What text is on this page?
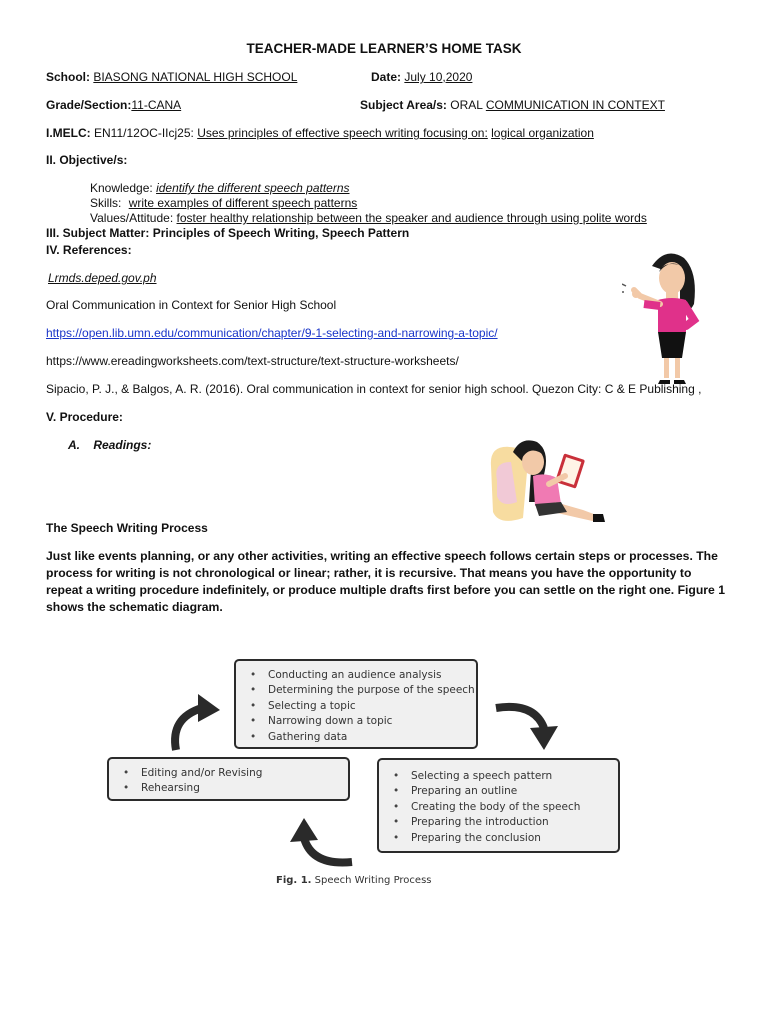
TEACHER-MADE LEARNER’S HOME TASK
School: BIASONG NATIONAL HIGH SCHOOL	Date: July 10,2020
Grade/Section:11-CANA	Subject Area/s: ORAL COMMUNICATION IN CONTEXT
I.MELC: EN11/12OC-IIcj25: Uses principles of effective speech writing focusing on: logical organization
II. Objective/s:
Knowledge: identify the different speech patterns
Skills: write examples of different speech patterns
Values/Attitude: foster healthy relationship between the speaker and audience through using polite words
III. Subject Matter: Principles of Speech Writing, Speech Pattern
IV. References:
Lrmds.deped.gov.ph
Oral Communication in Context for Senior High School
https://open.lib.umn.edu/communication/chapter/9-1-selecting-and-narrowing-a-topic/
https://www.ereadingworksheets.com/text-structure/text-structure-worksheets/
Sipacio, P. J., & Balgos, A. R. (2016). Oral communication in context for senior high school. Quezon City: C & E Publishing ,
V. Procedure:
A. Readings:
The Speech Writing Process
Just like events planning, or any other activities, writing an effective speech follows certain steps or processes. The process for writing is not chronological or linear; rather, it is recursive. That means you have the opportunity to repeat a writing procedure indefinitely, or produce multiple drafts first before you can settle on the right one. Figure 1 shows the schematic diagram.
• Conducting an audience analysis
• Determining the purpose of the speech
• Selecting a topic
• Narrowing down a topic
• Gathering data
• Editing and/or Revising
• Rehearsing
• Selecting a speech pattern
• Preparing an outline
• Creating the body of the speech
• Preparing the introduction
• Preparing the conclusion
Fig. 1. Speech Writing Process
